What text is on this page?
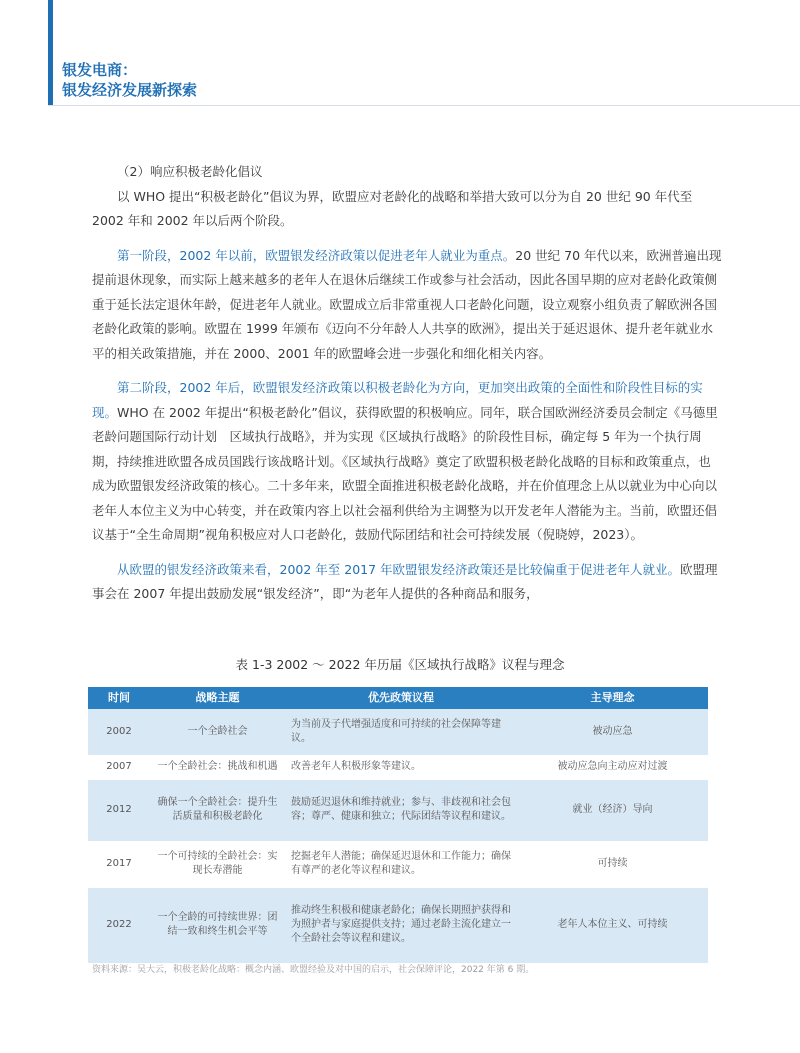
银发电商：
银发经济发展新探索

（2）响应积极老龄化倡议

以 WHO 提出“积极老龄化”倡议为界，欧盟应对老龄化的战略和举措大致可以分为自 20 世纪 90 年代至 2002 年和 2002 年以后两个阶段。

第一阶段，2002 年以前，欧盟银发经济政策以促进老年人就业为重点。20 世纪 70 年代以来，欧洲普遍出现提前退休现象，而实际上越来越多的老年人在退休后继续工作或参与社会活动，因此各国早期的应对老龄化政策侧重于延长法定退休年龄，促进老年人就业。欧盟成立后非常重视人口老龄化问题，设立观察小组负责了解欧洲各国老龄化政策的影响。欧盟在 1999 年颁布《迈向不分年龄人人共享的欧洲》，提出关于延迟退休、提升老年就业水平的相关政策措施，并在 2000、2001 年的欧盟峰会进一步强化和细化相关内容。

第二阶段，2002 年后，欧盟银发经济政策以积极老龄化为方向，更加突出政策的全面性和阶段性目标的实现。WHO 在 2002 年提出“积极老龄化”倡议，获得欧盟的积极响应。同年，联合国欧洲经济委员会制定《马德里老龄问题国际行动计划　区域执行战略》，并为实现《区域执行战略》的阶段性目标，确定每 5 年为一个执行周期，持续推进欧盟各成员国践行该战略计划。《区域执行战略》奠定了欧盟积极老龄化战略的目标和政策重点，也成为欧盟银发经济政策的核心。二十多年来，欧盟全面推进积极老龄化战略，并在价值理念上从以就业为中心向以老年人本位主义为中心转变，并在政策内容上以社会福利供给为主调整为以开发老年人潜能为主。当前，欧盟还倡议基于“全生命周期”视角积极应对人口老龄化，鼓励代际团结和社会可持续发展（倪晓婷，2023）。

从欧盟的银发经济政策来看，2002 年至 2017 年欧盟银发经济政策还是比较偏重于促进老年人就业。欧盟理事会在 2007 年提出鼓励发展“银发经济”，即“为老年人提供的各种商品和服务，

表 1-3 2002 ～ 2022 年历届《区域执行战略》议程与理念
时间	战略主题	优先政策议程	主导理念
2002	一个全龄社会	为当前及子代增强适度和可持续的社会保障等建议。	被动应急
2007	一个全龄社会：挑战和机遇	改善老年人积极形象等建议。	被动应急向主动应对过渡
2012	确保一个全龄社会：提升生活质量和积极老龄化	鼓励延迟退休和维持就业；参与、非歧视和社会包容；尊严、健康和独立；代际团结等议程和建议。	就业（经济）导向
2017	一个可持续的全龄社会：实现长寿潜能	挖掘老年人潜能；确保延迟退休和工作能力；确保有尊严的老化等议程和建议。	可持续
2022	一个全龄的可持续世界：团结一致和终生机会平等	推动终生积极和健康老龄化；确保长期照护获得和为照护者与家庭提供支持；通过老龄主流化建立一个全龄社会等议程和建议。	老年人本位主义、可持续
资料来源：吴大云，积极老龄化战略：概念内涵、欧盟经验及对中国的启示，社会保障评论，2022 年第 6 期。
